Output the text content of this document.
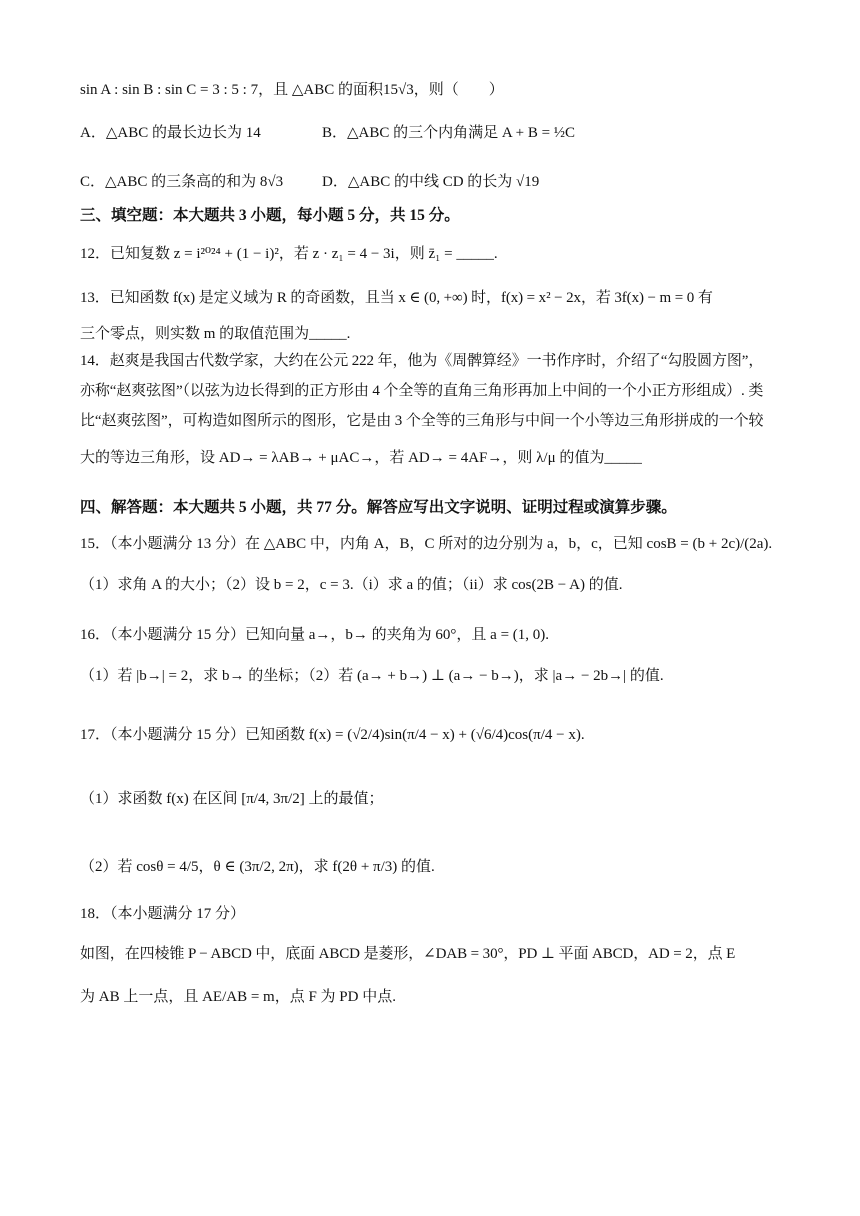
sin A : sin B : sin C = 3 : 5 : 7，且 △ABC 的面积15√3，则（　　）
A．△ABC 的最长边长为 14	B．△ABC 的三个内角满足 A + B = ½C
C．△ABC 的三条高的和为 8√3	D．△ABC 的中线 CD 的长为 √19
三、填空题：本大题共 3 小题，每小题 5 分，共 15 分。
12．已知复数 z = i²⁰²⁴ + (1 − i)²，若 z · z₁ = 4 − 3i，则 z̄₁ = _____.
13．已知函数 f(x) 是定义域为 R 的奇函数，且当 x ∈ (0, +∞) 时，f(x) = x² − 2x，若 3f(x) − m = 0 有
三个零点，则实数 m 的取值范围为_____.
14．赵爽是我国古代数学家，大约在公元 222 年，他为《周髀算经》一书作序时，介绍了“勾股圆方图”，
亦称“赵爽弦图”（以弦为边长得到的正方形由 4 个全等的直角三角形再加上中间的一个小正方形组成）. 类
比“赵爽弦图”，可构造如图所示的图形，它是由 3 个全等的三角形与中间一个小等边三角形拼成的一个较
大的等边三角形，设 AD→ = λAB→ + μAC→，若 AD→ = 4AF→，则 λ/μ 的值为_____
四、解答题：本大题共 5 小题，共 77 分。解答应写出文字说明、证明过程或演算步骤。
15．（本小题满分 13 分）在 △ABC 中，内角 A，B，C 所对的边分别为 a，b，c，已知 cosB = (b + 2c)/(2a).
（1）求角 A 的大小；（2）设 b = 2，c = 3.（i）求 a 的值；（ii）求 cos(2B − A) 的值.
16．（本小题满分 15 分）已知向量 a→，b→ 的夹角为 60°，且 a = (1, 0).
（1）若 |b→| = 2，求 b→ 的坐标；（2）若 (a→ + b→) ⊥ (a→ − b→)，求 |a→ − 2b→| 的值.
17．（本小题满分 15 分）已知函数 f(x) = (√2/4)sin(π/4 − x) + (√6/4)cos(π/4 − x).
（1）求函数 f(x) 在区间 [π/4, 3π/2] 上的最值；
（2）若 cosθ = 4/5，θ ∈ (3π/2, 2π)，求 f(2θ + π/3) 的值.
18．（本小题满分 17 分）
如图，在四棱锥 P − ABCD 中，底面 ABCD 是菱形，∠DAB = 30°，PD ⊥ 平面 ABCD，AD = 2，点 E
为 AB 上一点，且 AE/AB = m，点 F 为 PD 中点.
